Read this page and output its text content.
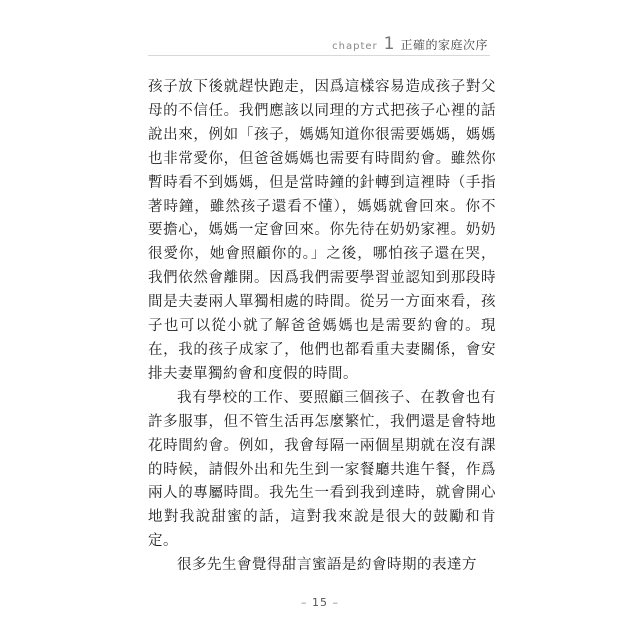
chapter 1 正確的家庭次序

孩子放下後就趕快跑走，因爲這樣容易造成孩子對父母的不信任。我們應該以同理的方式把孩子心裡的話說出來，例如「孩子，媽媽知道你很需要媽媽，媽媽也非常愛你，但爸爸媽媽也需要有時間約會。雖然你暫時看不到媽媽，但是當時鐘的針轉到這裡時（手指著時鐘，雖然孩子還看不懂），媽媽就會回來。你不要擔心，媽媽一定會回來。你先待在奶奶家裡。奶奶很愛你，她會照顧你的。」之後，哪怕孩子還在哭，我們依然會離開。因爲我們需要學習並認知到那段時間是夫妻兩人單獨相處的時間。從另一方面來看，孩子也可以從小就了解爸爸媽媽也是需要約會的。現在，我的孩子成家了，他們也都看重夫妻關係，會安排夫妻單獨約會和度假的時間。

我有學校的工作、要照顧三個孩子、在教會也有許多服事，但不管生活再怎麼繁忙，我們還是會特地花時間約會。例如，我會每隔一兩個星期就在沒有課的時候，請假外出和先生到一家餐廳共進午餐，作爲兩人的專屬時間。我先生一看到我到達時，就會開心地對我說甜蜜的話，這對我來說是很大的鼓勵和肯定。

很多先生會覺得甜言蜜語是約會時期的表達方

– 15 –
